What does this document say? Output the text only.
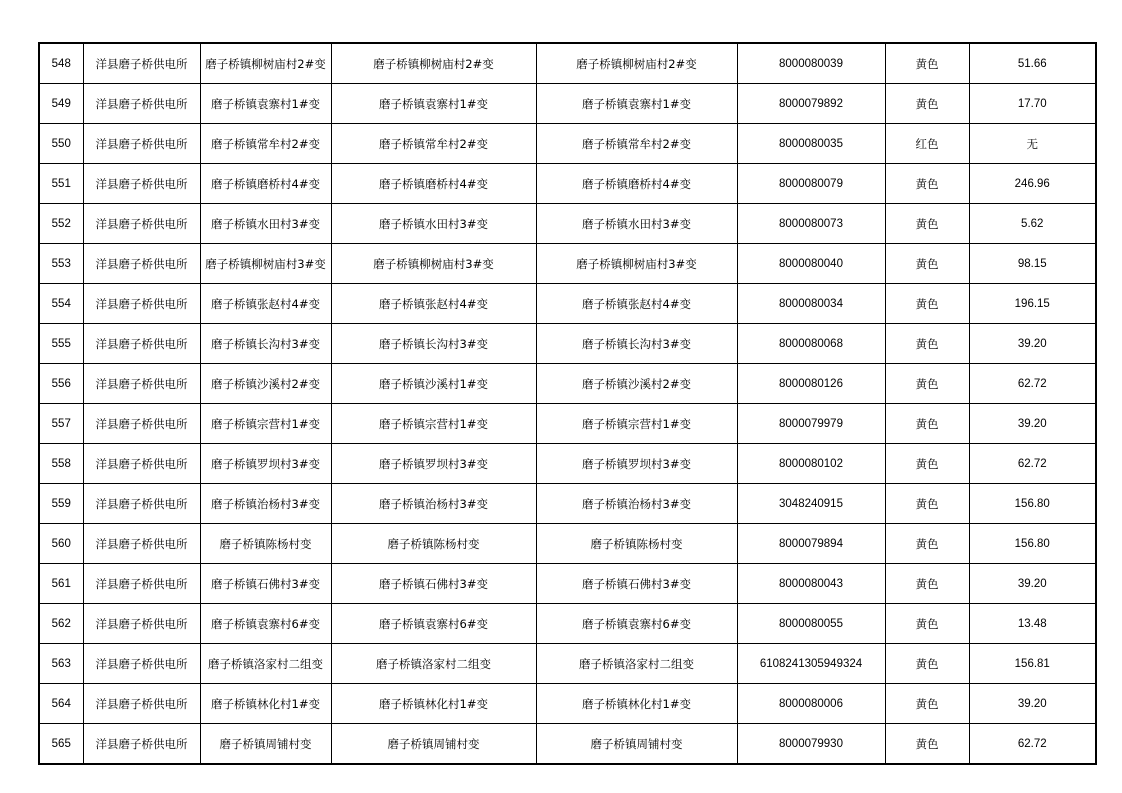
548	洋县磨子桥供电所	磨子桥镇柳树庙村2#变	磨子桥镇柳树庙村2#变	磨子桥镇柳树庙村2#变	8000080039	黄色	51.66
549	洋县磨子桥供电所	磨子桥镇袁寨村1#变	磨子桥镇袁寨村1#变	磨子桥镇袁寨村1#变	8000079892	黄色	17.70
550	洋县磨子桥供电所	磨子桥镇常牟村2#变	磨子桥镇常牟村2#变	磨子桥镇常牟村2#变	8000080035	红色	无
551	洋县磨子桥供电所	磨子桥镇磨桥村4#变	磨子桥镇磨桥村4#变	磨子桥镇磨桥村4#变	8000080079	黄色	246.96
552	洋县磨子桥供电所	磨子桥镇水田村3#变	磨子桥镇水田村3#变	磨子桥镇水田村3#变	8000080073	黄色	5.62
553	洋县磨子桥供电所	磨子桥镇柳树庙村3#变	磨子桥镇柳树庙村3#变	磨子桥镇柳树庙村3#变	8000080040	黄色	98.15
554	洋县磨子桥供电所	磨子桥镇张赵村4#变	磨子桥镇张赵村4#变	磨子桥镇张赵村4#变	8000080034	黄色	196.15
555	洋县磨子桥供电所	磨子桥镇长沟村3#变	磨子桥镇长沟村3#变	磨子桥镇长沟村3#变	8000080068	黄色	39.20
556	洋县磨子桥供电所	磨子桥镇沙溪村2#变	磨子桥镇沙溪村1#变	磨子桥镇沙溪村2#变	8000080126	黄色	62.72
557	洋县磨子桥供电所	磨子桥镇宗营村1#变	磨子桥镇宗营村1#变	磨子桥镇宗营村1#变	8000079979	黄色	39.20
558	洋县磨子桥供电所	磨子桥镇罗坝村3#变	磨子桥镇罗坝村3#变	磨子桥镇罗坝村3#变	8000080102	黄色	62.72
559	洋县磨子桥供电所	磨子桥镇治杨村3#变	磨子桥镇治杨村3#变	磨子桥镇治杨村3#变	3048240915	黄色	156.80
560	洋县磨子桥供电所	磨子桥镇陈杨村变	磨子桥镇陈杨村变	磨子桥镇陈杨村变	8000079894	黄色	156.80
561	洋县磨子桥供电所	磨子桥镇石佛村3#变	磨子桥镇石佛村3#变	磨子桥镇石佛村3#变	8000080043	黄色	39.20
562	洋县磨子桥供电所	磨子桥镇袁寨村6#变	磨子桥镇袁寨村6#变	磨子桥镇袁寨村6#变	8000080055	黄色	13.48
563	洋县磨子桥供电所	磨子桥镇洛家村二组变	磨子桥镇洛家村二组变	磨子桥镇洛家村二组变	6108241305949324	黄色	156.81
564	洋县磨子桥供电所	磨子桥镇林化村1#变	磨子桥镇林化村1#变	磨子桥镇林化村1#变	8000080006	黄色	39.20
565	洋县磨子桥供电所	磨子桥镇周铺村变	磨子桥镇周铺村变	磨子桥镇周铺村变	8000079930	黄色	62.72
